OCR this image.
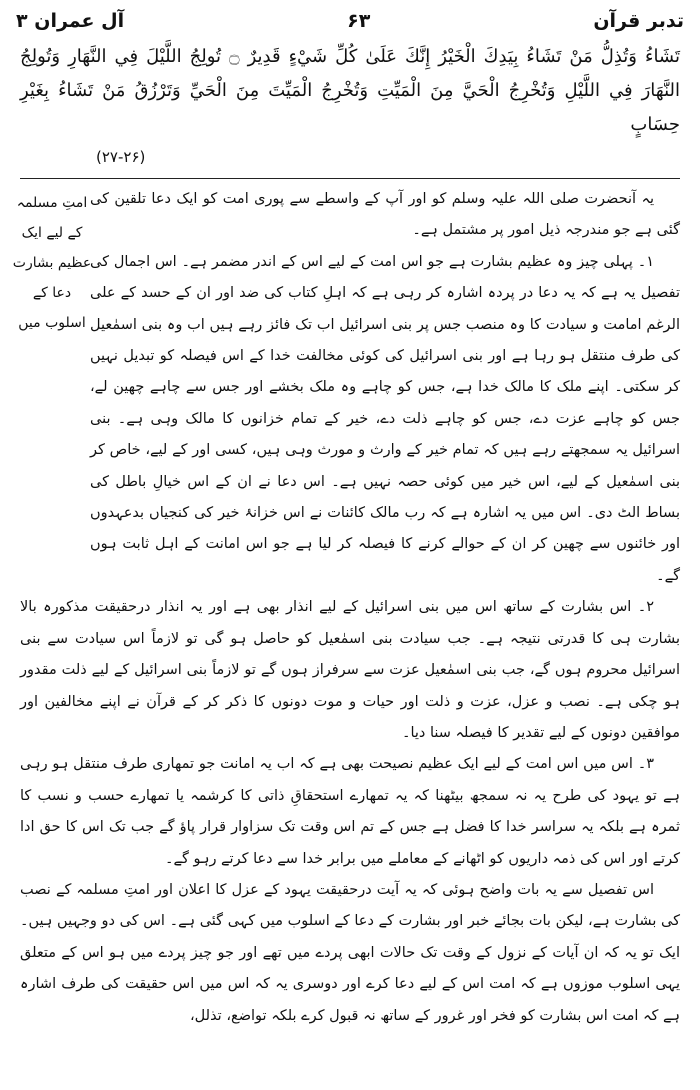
تدبر قرآن
۶۳
آل عمران ۳
تَشَاءُ وَتُذِلُّ مَنْ تَشَاءُ بِيَدِكَ الْخَيْرُ إِنَّكَ عَلَىٰ كُلِّ شَيْءٍ قَدِيرٌ ۝ تُولِجُ اللَّيْلَ فِي النَّهَارِ وَتُولِجُ النَّهَارَ فِي اللَّيْلِ وَتُخْرِجُ الْحَيَّ مِنَ الْمَيِّتِ وَتُخْرِجُ الْمَيِّتَ مِنَ الْحَيِّ وَتَرْزُقُ مَنْ تَشَاءُ بِغَيْرِ حِسَابٍ
(۲۷-۲۶)
امتِ مسلمہ
کے لیے ایک
عظیم بشارت
دعا کے
اسلوب میں

یہ آنحضرت صلی اللہ علیہ وسلم کو اور آپ کے واسطے سے پوری امت کو ایک دعا تلقین کی گئی ہے جو مندرجہ ذیل امور پر مشتمل ہے۔

۱۔ پہلی چیز وہ عظیم بشارت ہے جو اس امت کے لیے اس کے اندر مضمر ہے۔ اس اجمال کی تفصیل یہ ہے کہ یہ دعا در پردہ اشارہ کر رہی ہے کہ اہلِ کتاب کی ضد اور ان کے حسد کے علی الرغم امامت و سیادت کا وہ منصب جس پر بنی اسرائیل اب تک فائز رہے ہیں اب وہ بنی اسمٰعیل کی طرف منتقل ہو رہا ہے اور بنی اسرائیل کی کوئی مخالفت خدا کے اس فیصلہ کو تبدیل نہیں کر سکتی۔ اپنے ملک کا مالک خدا ہے، جس کو چاہے وہ ملک بخشے اور جس سے چاہے چھین لے، جس کو چاہے عزت دے، جس کو چاہے ذلت دے، خیر کے تمام خزانوں کا مالک وہی ہے۔ بنی اسرائیل یہ سمجھتے رہے ہیں کہ تمام خیر کے وارث و مورث وہی ہیں، کسی اور کے لیے، خاص کر بنی اسمٰعیل کے لیے، اس خیر میں کوئی حصہ نہیں ہے۔ اس دعا نے ان کے اس خیالِ باطل کی بساط الٹ دی۔ اس میں یہ اشارہ ہے کہ رب مالک کائنات نے اس خزانۂ خیر کی کنجیاں بدعہدوں اور خائنوں سے چھین کر ان کے حوالے کرنے کا فیصلہ کر لیا ہے جو اس امانت کے اہل ثابت ہوں گے۔

۲۔ اس بشارت کے ساتھ اس میں بنی اسرائیل کے لیے انذار بھی ہے اور یہ انذار درحقیقت مذکورہ بالا بشارت ہی کا قدرتی نتیجہ ہے۔ جب سیادت بنی اسمٰعیل کو حاصل ہو گی تو لازماً اس سیادت سے بنی اسرائیل محروم ہوں گے، جب بنی اسمٰعیل عزت سے سرفراز ہوں گے تو لازماً بنی اسرائیل کے لیے ذلت مقدور ہو چکی ہے۔ نصب و عزل، عزت و ذلت اور حیات و موت دونوں کا ذکر کر کے قرآن نے اپنے مخالفین اور موافقین دونوں کے لیے تقدیر کا فیصلہ سنا دیا۔

۳۔ اس میں اس امت کے لیے ایک عظیم نصیحت بھی ہے کہ اب یہ امانت جو تمھاری طرف منتقل ہو رہی ہے تو یہود کی طرح یہ نہ سمجھ بیٹھنا کہ یہ تمھارے استحقاقِ ذاتی کا کرشمہ یا تمھارے حسب و نسب کا ثمرہ ہے بلکہ یہ سراسر خدا کا فضل ہے جس کے تم اس وقت تک سزاوار قرار پاؤ گے جب تک اس کا حق ادا کرتے اور اس کی ذمہ داریوں کو اٹھانے کے معاملے میں برابر خدا سے دعا کرتے رہو گے۔

اس تفصیل سے یہ بات واضح ہوئی کہ یہ آیت درحقیقت یہود کے عزل کا اعلان اور امتِ مسلمہ کے نصب کی بشارت ہے، لیکن بات بجائے خبر اور بشارت کے دعا کے اسلوب میں کہی گئی ہے۔ اس کی دو وجہیں ہیں۔ ایک تو یہ کہ ان آیات کے نزول کے وقت تک حالات ابھی پردے میں تھے اور جو چیز پردے میں ہو اس کے متعلق یہی اسلوب موزوں ہے کہ امت اس کے لیے دعا کرے اور دوسری یہ کہ اس میں اس حقیقت کی طرف اشارہ ہے کہ امت اس بشارت کو فخر اور غرور کے ساتھ نہ قبول کرے بلکہ تواضع، تذلل،
